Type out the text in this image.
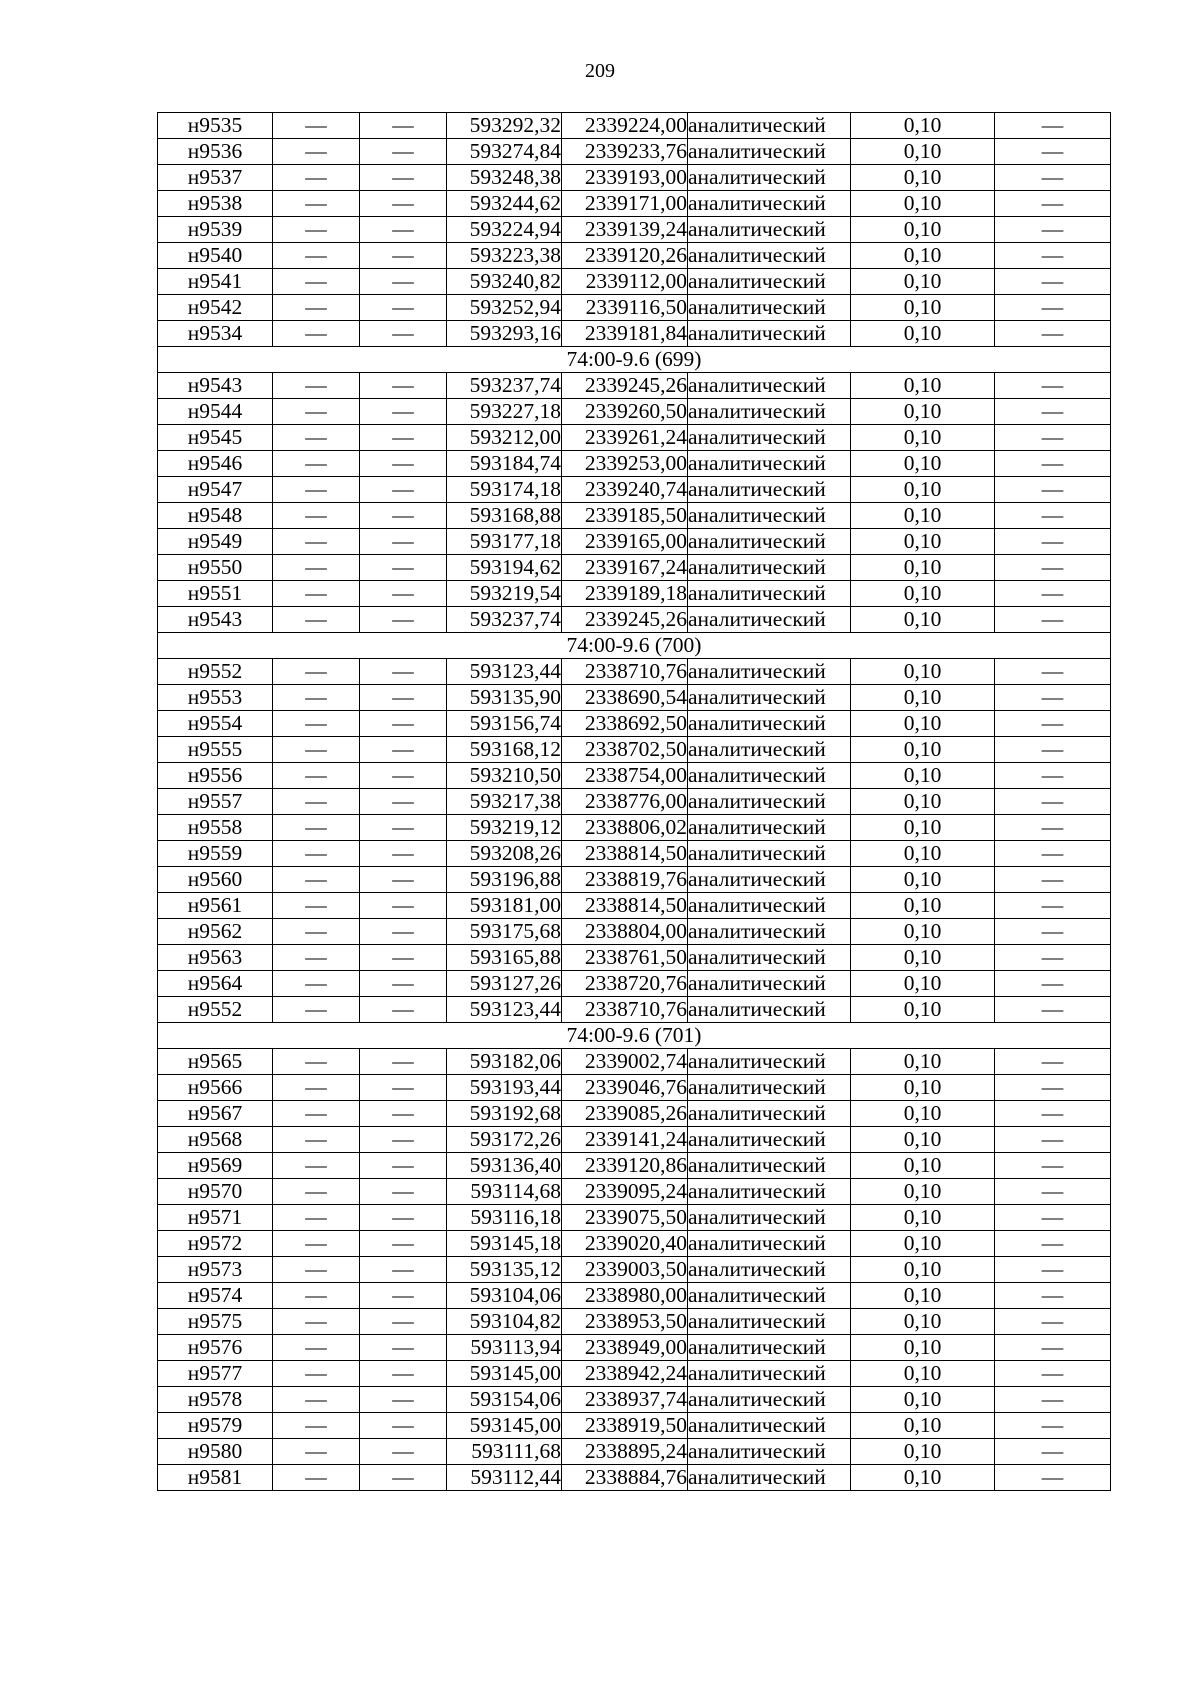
209
н9535	—	—	593292,32	2339224,00	аналитический	0,10	—
н9536	—	—	593274,84	2339233,76	аналитический	0,10	—
н9537	—	—	593248,38	2339193,00	аналитический	0,10	—
н9538	—	—	593244,62	2339171,00	аналитический	0,10	—
н9539	—	—	593224,94	2339139,24	аналитический	0,10	—
н9540	—	—	593223,38	2339120,26	аналитический	0,10	—
н9541	—	—	593240,82	2339112,00	аналитический	0,10	—
н9542	—	—	593252,94	2339116,50	аналитический	0,10	—
н9534	—	—	593293,16	2339181,84	аналитический	0,10	—
74:00-9.6 (699)							
н9543	—	—	593237,74	2339245,26	аналитический	0,10	—
н9544	—	—	593227,18	2339260,50	аналитический	0,10	—
н9545	—	—	593212,00	2339261,24	аналитический	0,10	—
н9546	—	—	593184,74	2339253,00	аналитический	0,10	—
н9547	—	—	593174,18	2339240,74	аналитический	0,10	—
н9548	—	—	593168,88	2339185,50	аналитический	0,10	—
н9549	—	—	593177,18	2339165,00	аналитический	0,10	—
н9550	—	—	593194,62	2339167,24	аналитический	0,10	—
н9551	—	—	593219,54	2339189,18	аналитический	0,10	—
н9543	—	—	593237,74	2339245,26	аналитический	0,10	—
74:00-9.6 (700)							
н9552	—	—	593123,44	2338710,76	аналитический	0,10	—
н9553	—	—	593135,90	2338690,54	аналитический	0,10	—
н9554	—	—	593156,74	2338692,50	аналитический	0,10	—
н9555	—	—	593168,12	2338702,50	аналитический	0,10	—
н9556	—	—	593210,50	2338754,00	аналитический	0,10	—
н9557	—	—	593217,38	2338776,00	аналитический	0,10	—
н9558	—	—	593219,12	2338806,02	аналитический	0,10	—
н9559	—	—	593208,26	2338814,50	аналитический	0,10	—
н9560	—	—	593196,88	2338819,76	аналитический	0,10	—
н9561	—	—	593181,00	2338814,50	аналитический	0,10	—
н9562	—	—	593175,68	2338804,00	аналитический	0,10	—
н9563	—	—	593165,88	2338761,50	аналитический	0,10	—
н9564	—	—	593127,26	2338720,76	аналитический	0,10	—
н9552	—	—	593123,44	2338710,76	аналитический	0,10	—
74:00-9.6 (701)							
н9565	—	—	593182,06	2339002,74	аналитический	0,10	—
н9566	—	—	593193,44	2339046,76	аналитический	0,10	—
н9567	—	—	593192,68	2339085,26	аналитический	0,10	—
н9568	—	—	593172,26	2339141,24	аналитический	0,10	—
н9569	—	—	593136,40	2339120,86	аналитический	0,10	—
н9570	—	—	593114,68	2339095,24	аналитический	0,10	—
н9571	—	—	593116,18	2339075,50	аналитический	0,10	—
н9572	—	—	593145,18	2339020,40	аналитический	0,10	—
н9573	—	—	593135,12	2339003,50	аналитический	0,10	—
н9574	—	—	593104,06	2338980,00	аналитический	0,10	—
н9575	—	—	593104,82	2338953,50	аналитический	0,10	—
н9576	—	—	593113,94	2338949,00	аналитический	0,10	—
н9577	—	—	593145,00	2338942,24	аналитический	0,10	—
н9578	—	—	593154,06	2338937,74	аналитический	0,10	—
н9579	—	—	593145,00	2338919,50	аналитический	0,10	—
н9580	—	—	593111,68	2338895,24	аналитический	0,10	—
н9581	—	—	593112,44	2338884,76	аналитический	0,10	—
